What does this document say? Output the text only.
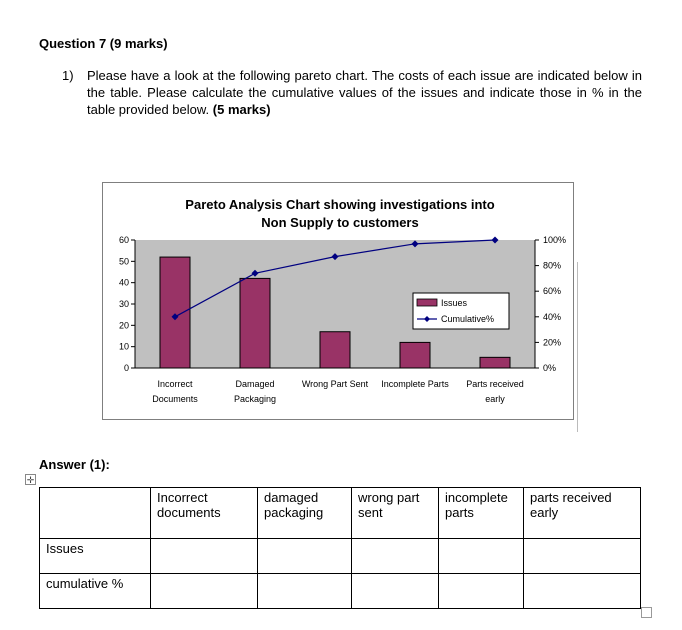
Question 7 (9 marks)
1) Please have a look at the following pareto chart. The costs of each issue are indicated below in the table. Please calculate the cumulative values of the issues and indicate those in % in the table provided below. (5 marks)
Pareto Analysis Chart showing investigations into
Non Supply to customers
0
10
20
30
40
50
60
0%
20%
40%
60%
80%
100%
Incorrect
Documents
Damaged
Packaging
Wrong Part Sent Incomplete Parts Parts received
early
Issues
Cumulative%
Answer (1):
✛
	Incorrect documents	damaged packaging	wrong part sent	incomplete parts	parts received early
Issues					
cumulative %					
